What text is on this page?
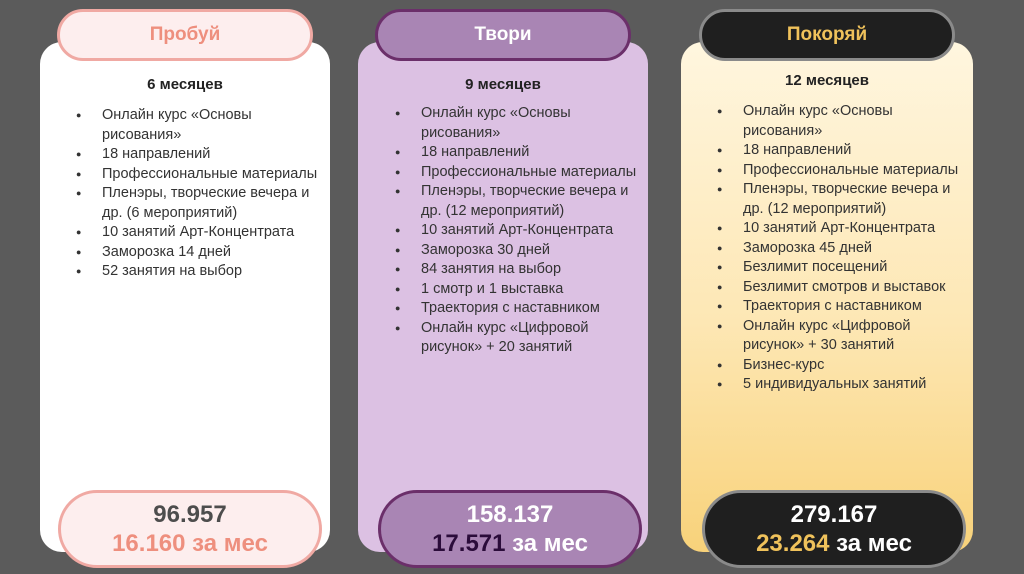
Пробуй
6 месяцев
● Онлайн курс «Основы рисования»
● 18 направлений
● Профессиональные материалы
● Пленэры, творческие вечера и др. (6 мероприятий)
● 10 занятий Арт-Концентрата
● Заморозка 14 дней
● 52 занятия на выбор
96.957
16.160 за мес
Твори
9 месяцев
● Онлайн курс «Основы рисования»
● 18 направлений
● Профессиональные материалы
● Пленэры, творческие вечера и др. (12 мероприятий)
● 10 занятий Арт-Концентрата
● Заморозка 30 дней
● 84 занятия на выбор
● 1 смотр и 1 выставка
● Траектория с наставником
● Онлайн курс «Цифровой рисунок» + 20 занятий
158.137
17.571 за мес
Покоряй
12 месяцев
● Онлайн курс «Основы рисования»
● 18 направлений
● Профессиональные материалы
● Пленэры, творческие вечера и др. (12 мероприятий)
● 10 занятий Арт-Концентрата
● Заморозка 45 дней
● Безлимит посещений
● Безлимит смотров и выставок
● Траектория с наставником
● Онлайн курс «Цифровой рисунок» + 30 занятий
● Бизнес-курс
● 5 индивидуальных занятий
279.167
23.264 за мес
